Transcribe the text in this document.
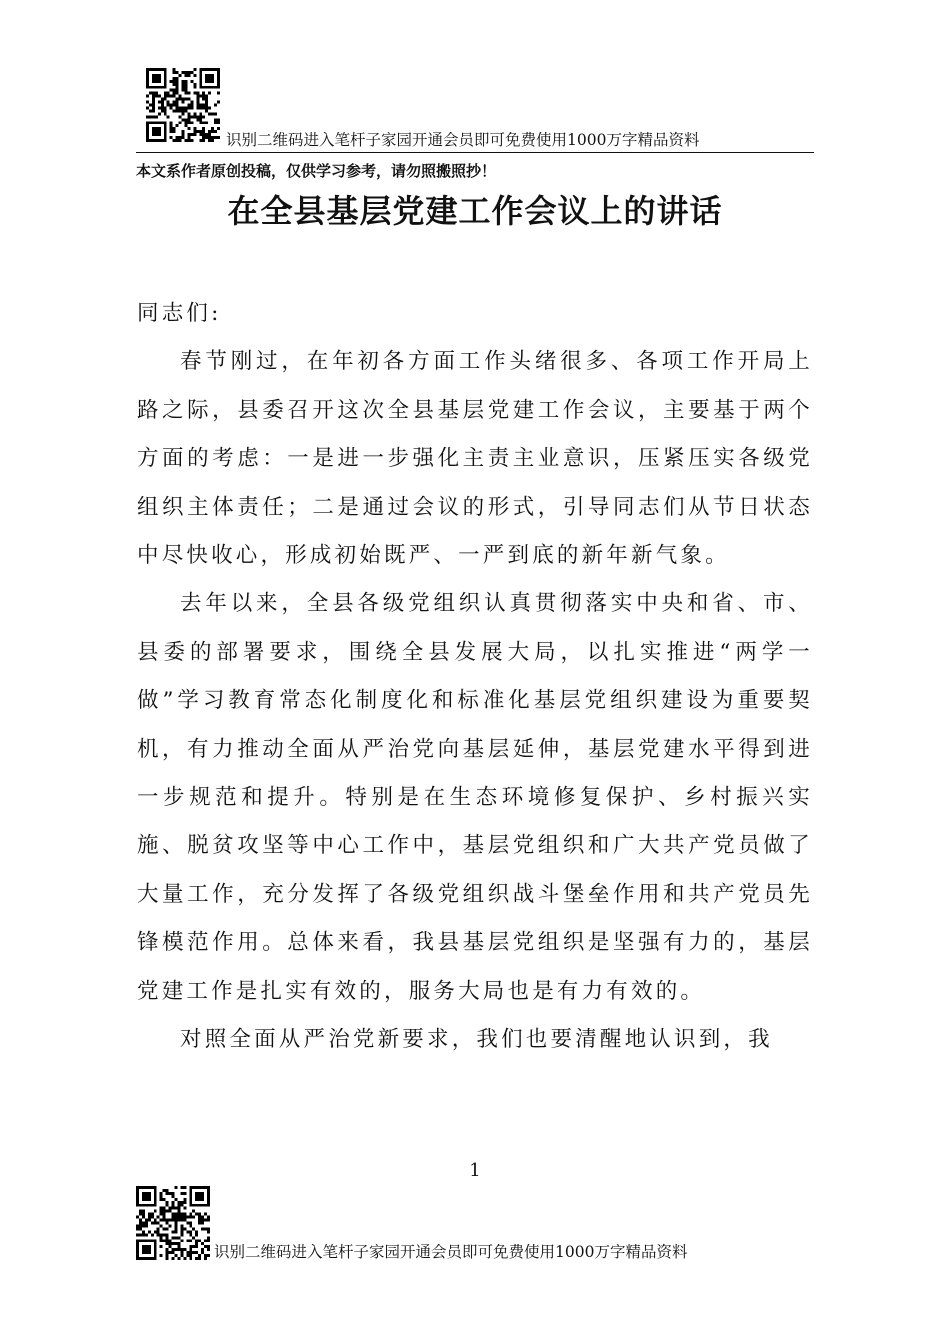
识别二维码进入笔杆子家园开通会员即可免费使用1000万字精品资料
本文系作者原创投稿，仅供学习参考，请勿照搬照抄！
在全县基层党建工作会议上的讲话

同志们:

春节刚过，在年初各方面工作头绪很多、各项工作开局上路之际，县委召开这次全县基层党建工作会议，主要基于两个方面的考虑：一是进一步强化主责主业意识，压紧压实各级党组织主体责任；二是通过会议的形式，引导同志们从节日状态中尽快收心，形成初始既严、一严到底的新年新气象。

去年以来，全县各级党组织认真贯彻落实中央和省、市、县委的部署要求，围绕全县发展大局，以扎实推进“两学一做”学习教育常态化制度化和标准化基层党组织建设为重要契机，有力推动全面从严治党向基层延伸，基层党建水平得到进一步规范和提升。特别是在生态环境修复保护、乡村振兴实施、脱贫攻坚等中心工作中，基层党组织和广大共产党员做了大量工作，充分发挥了各级党组织战斗堡垒作用和共产党员先锋模范作用。总体来看，我县基层党组织是坚强有力的，基层党建工作是扎实有效的，服务大局也是有力有效的。

对照全面从严治党新要求，我们也要清醒地认识到，我

1
识别二维码进入笔杆子家园开通会员即可免费使用1000万字精品资料
